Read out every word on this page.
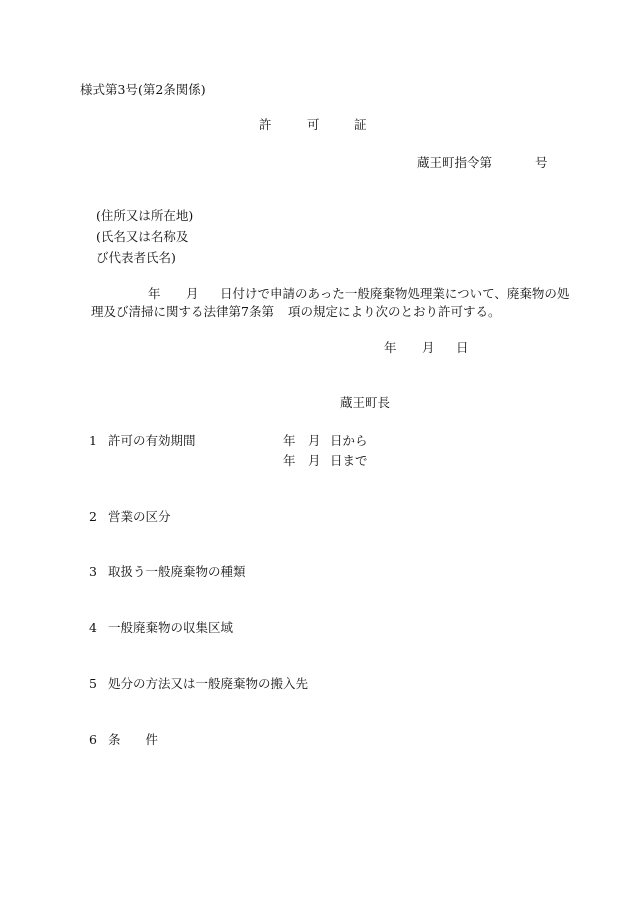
様式第3号(第2条関係)
許	可	証
蔵王町指令第	号
(住所又は所在地)
(氏名又は名称及
び代表者氏名)
年 月 日付けで申請のあった一般廃棄物処理業について、廃棄物の処
理及び清掃に関する法律第7条第 項の規定により次のとおり許可する。
年 月 日
蔵王町長
1 許可の有効期間	年 月 日から
年 月 日まで
2 営業の区分
3 取扱う一般廃棄物の種類
4 一般廃棄物の収集区域
5 処分の方法又は一般廃棄物の搬入先
6 条　　件
